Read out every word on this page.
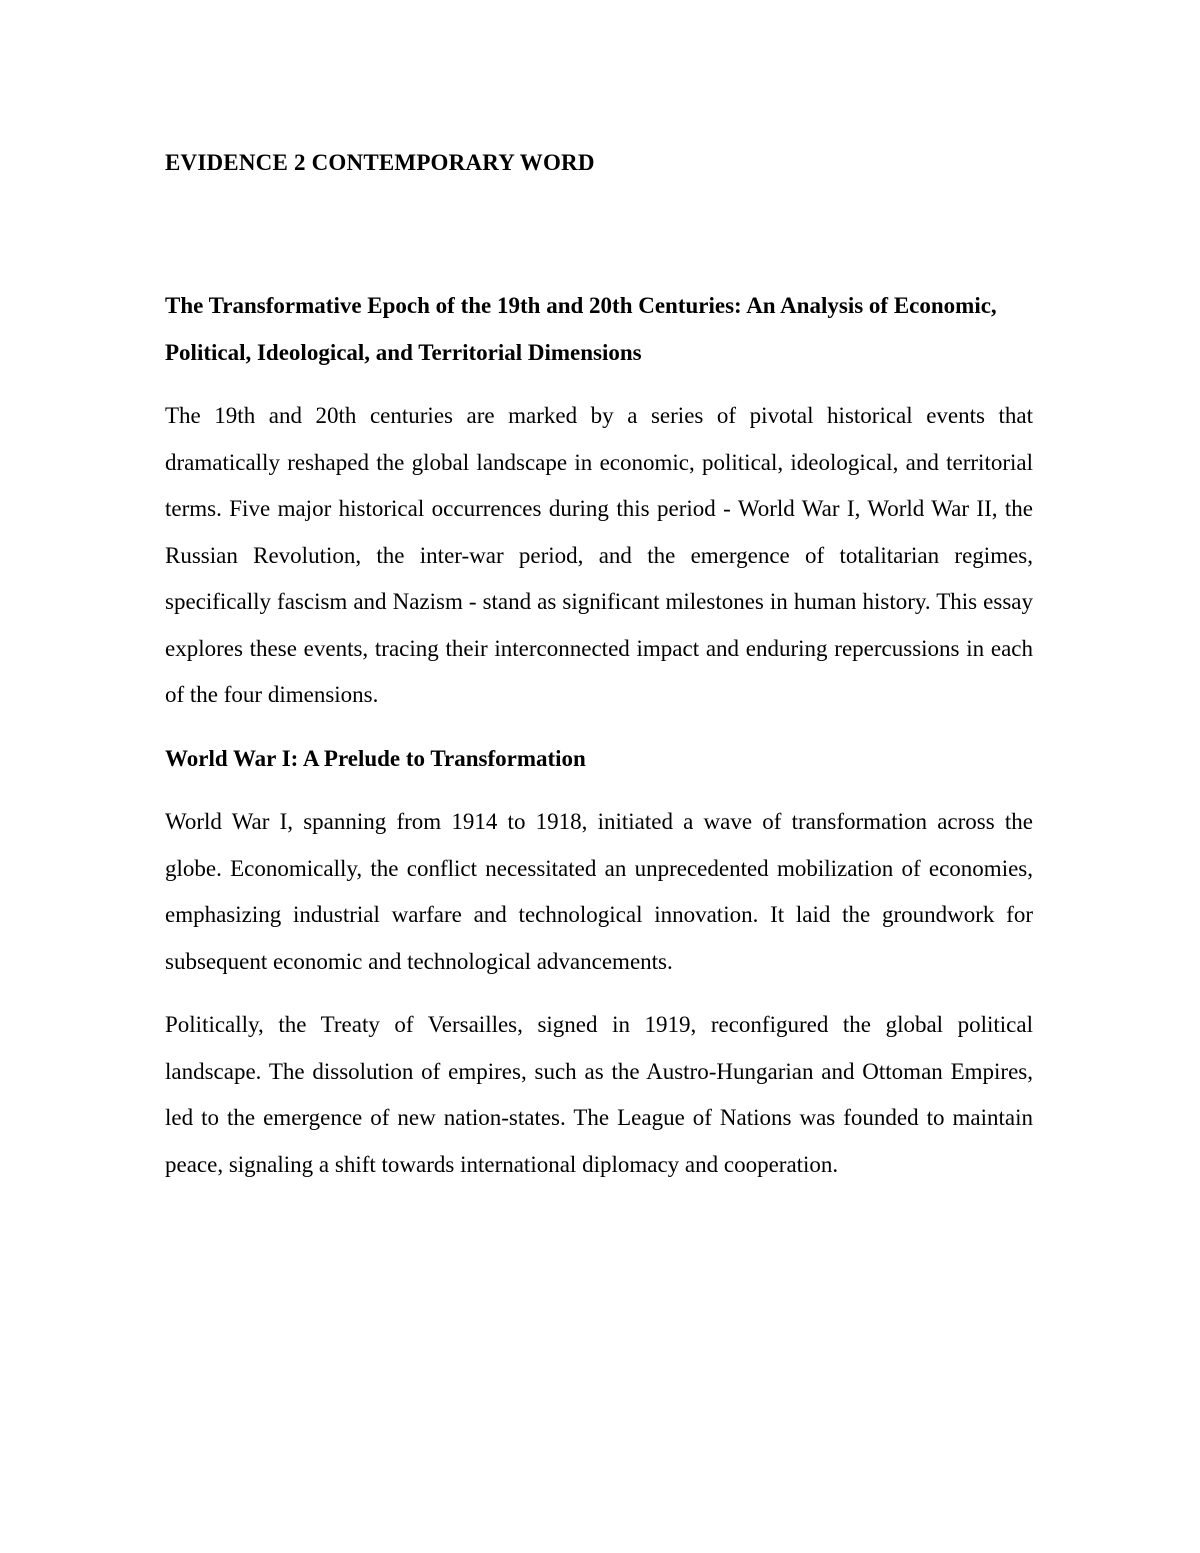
EVIDENCE 2 CONTEMPORARY WORD

The Transformative Epoch of the 19th and 20th Centuries: An Analysis of Economic, Political, Ideological, and Territorial Dimensions

The 19th and 20th centuries are marked by a series of pivotal historical events that dramatically reshaped the global landscape in economic, political, ideological, and territorial terms. Five major historical occurrences during this period - World War I, World War II, the Russian Revolution, the inter-war period, and the emergence of totalitarian regimes, specifically fascism and Nazism - stand as significant milestones in human history. This essay explores these events, tracing their interconnected impact and enduring repercussions in each of the four dimensions.

World War I: A Prelude to Transformation

World War I, spanning from 1914 to 1918, initiated a wave of transformation across the globe. Economically, the conflict necessitated an unprecedented mobilization of economies, emphasizing industrial warfare and technological innovation. It laid the groundwork for subsequent economic and technological advancements.

Politically, the Treaty of Versailles, signed in 1919, reconfigured the global political landscape. The dissolution of empires, such as the Austro-Hungarian and Ottoman Empires, led to the emergence of new nation-states. The League of Nations was founded to maintain peace, signaling a shift towards international diplomacy and cooperation.
